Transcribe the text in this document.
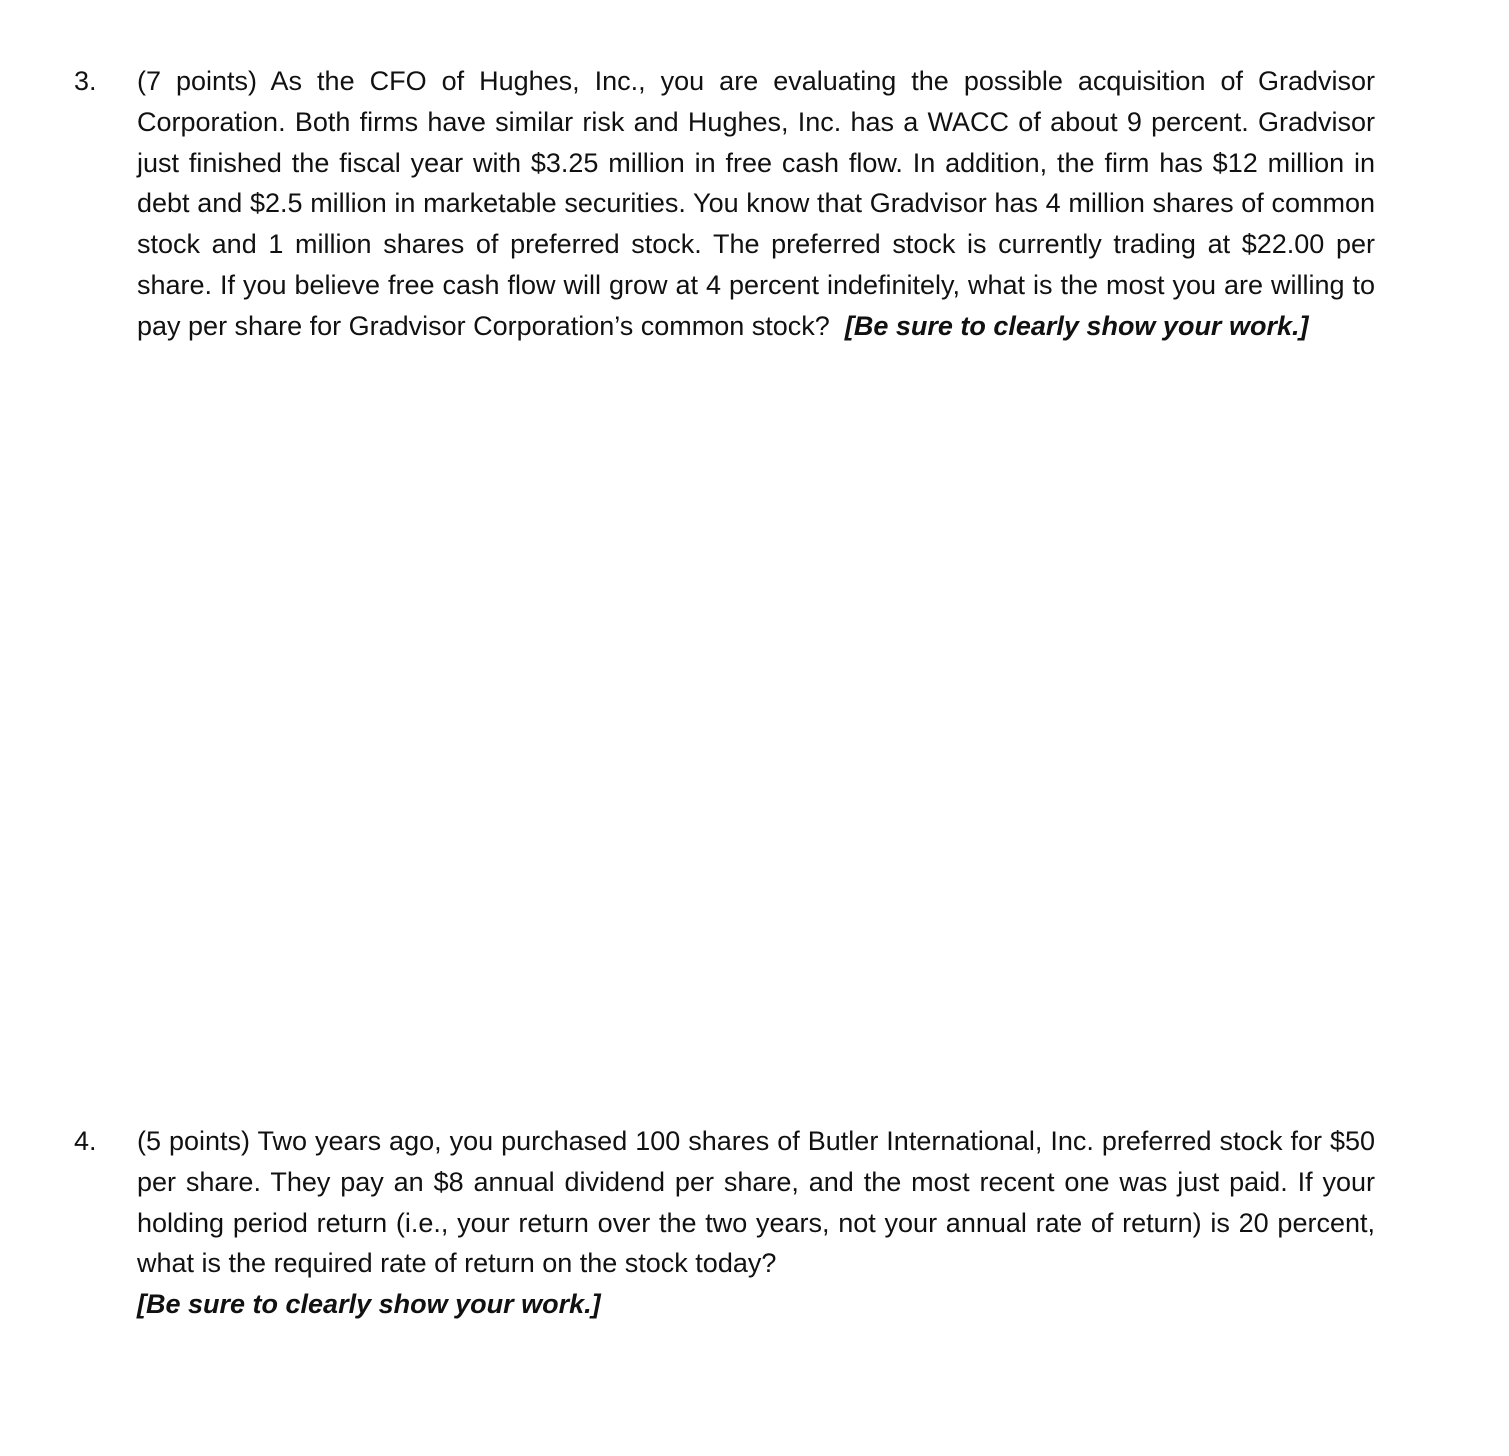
3. (7 points) As the CFO of Hughes, Inc., you are evaluating the possible acquisition of Gradvisor Corporation. Both firms have similar risk and Hughes, Inc. has a WACC of about 9 percent. Gradvisor just finished the fiscal year with $3.25 million in free cash flow. In addition, the firm has $12 million in debt and $2.5 million in marketable securities. You know that Gradvisor has 4 million shares of common stock and 1 million shares of preferred stock. The preferred stock is currently trading at $22.00 per share. If you believe free cash flow will grow at 4 percent indefinitely, what is the most you are willing to pay per share for Gradvisor Corporation’s common stock? [Be sure to clearly show your work.]

4. (5 points) Two years ago, you purchased 100 shares of Butler International, Inc. preferred stock for $50 per share. They pay an $8 annual dividend per share, and the most recent one was just paid. If your holding period return (i.e., your return over the two years, not your annual rate of return) is 20 percent, what is the required rate of return on the stock today?
[Be sure to clearly show your work.]
